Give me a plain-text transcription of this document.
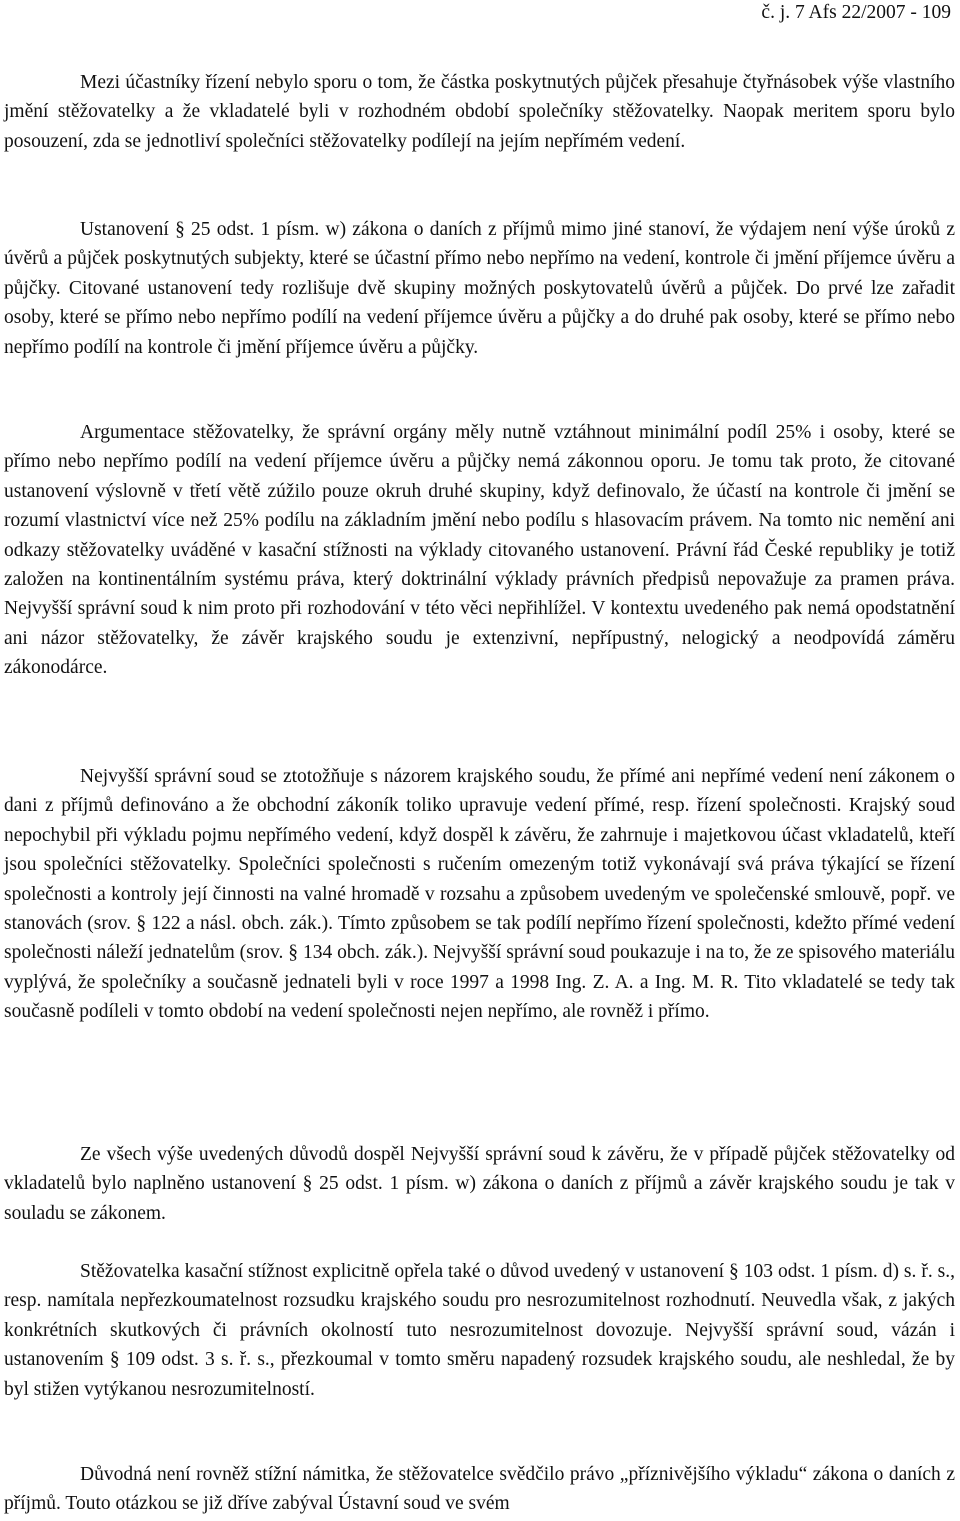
č. j. 7 Afs 22/2007 - 109

Mezi účastníky řízení nebylo sporu o tom, že částka poskytnutých půjček přesahuje čtyřnásobek výše vlastního jmění stěžovatelky a že vkladatelé byli v rozhodném období společníky stěžovatelky. Naopak meritem sporu bylo posouzení, zda se jednotliví společníci stěžovatelky podílejí na jejím nepřímém vedení.

Ustanovení § 25 odst. 1 písm. w) zákona o daních z příjmů mimo jiné stanoví, že výdajem není výše úroků z úvěrů a půjček poskytnutých subjekty, které se účastní přímo nebo nepřímo na vedení, kontrole či jmění příjemce úvěru a půjčky. Citované ustanovení tedy rozlišuje dvě skupiny možných poskytovatelů úvěrů a půjček. Do prvé lze zařadit osoby, které se přímo nebo nepřímo podílí na vedení příjemce úvěru a půjčky a do druhé pak osoby, které se přímo nebo nepřímo podílí na kontrole či jmění příjemce úvěru a půjčky.

Argumentace stěžovatelky, že správní orgány měly nutně vztáhnout minimální podíl 25% i osoby, které se přímo nebo nepřímo podílí na vedení příjemce úvěru a půjčky nemá zákonnou oporu. Je tomu tak proto, že citované ustanovení výslovně v třetí větě zúžilo pouze okruh druhé skupiny, když definovalo, že účastí na kontrole či jmění se rozumí vlastnictví více než 25% podílu na základním jmění nebo podílu s hlasovacím právem. Na tomto nic nemění ani odkazy stěžovatelky uváděné v kasační stížnosti na výklady citovaného ustanovení. Právní řád České republiky je totiž založen na kontinentálním systému práva, který doktrinální výklady právních předpisů nepovažuje za pramen práva. Nejvyšší správní soud k nim proto při rozhodování v této věci nepřihlížel. V kontextu uvedeného pak nemá opodstatnění ani názor stěžovatelky, že závěr krajského soudu je extenzivní, nepřípustný, nelogický a neodpovídá záměru zákonodárce.

Nejvyšší správní soud se ztotožňuje s názorem krajského soudu, že přímé ani nepřímé vedení není zákonem o dani z příjmů definováno a že obchodní zákoník toliko upravuje vedení přímé, resp. řízení společnosti. Krajský soud nepochybil při výkladu pojmu nepřímého vedení, když dospěl k závěru, že zahrnuje i majetkovou účast vkladatelů, kteří jsou společníci stěžovatelky. Společníci společnosti s ručením omezeným totiž vykonávají svá práva týkající se řízení společnosti a kontroly její činnosti na valné hromadě v rozsahu a způsobem uvedeným ve společenské smlouvě, popř. ve stanovách (srov. § 122 a násl. obch. zák.). Tímto způsobem se tak podílí nepřímo řízení společnosti, kdežto přímé vedení společnosti náleží jednatelům (srov. § 134 obch. zák.). Nejvyšší správní soud poukazuje i na to, že ze spisového materiálu vyplývá, že společníky a současně jednateli byli v roce 1997 a 1998 Ing. Z. A. a Ing. M. R. Tito vkladatelé se tedy tak současně podíleli v tomto období na vedení společnosti nejen nepřímo, ale rovněž i přímo.

Ze všech výše uvedených důvodů dospěl Nejvyšší správní soud k závěru, že v případě půjček stěžovatelky od vkladatelů bylo naplněno ustanovení § 25 odst. 1 písm. w) zákona o daních z příjmů a závěr krajského soudu je tak v souladu se zákonem.

Stěžovatelka kasační stížnost explicitně opřela také o důvod uvedený v ustanovení § 103 odst. 1 písm. d) s. ř. s., resp. namítala nepřezkoumatelnost rozsudku krajského soudu pro nesrozumitelnost rozhodnutí. Neuvedla však, z jakých konkrétních skutkových či právních okolností tuto nesrozumitelnost dovozuje. Nejvyšší správní soud, vázán i ustanovením § 109 odst. 3 s. ř. s., přezkoumal v tomto směru napadený rozsudek krajského soudu, ale neshledal, že by byl stižen vytýkanou nesrozumitelností.

Důvodná není rovněž stížní námitka, že stěžovatelce svědčilo právo „příznivějšího výkladu“ zákona o daních z příjmů. Touto otázkou se již dříve zabýval Ústavní soud ve svém
